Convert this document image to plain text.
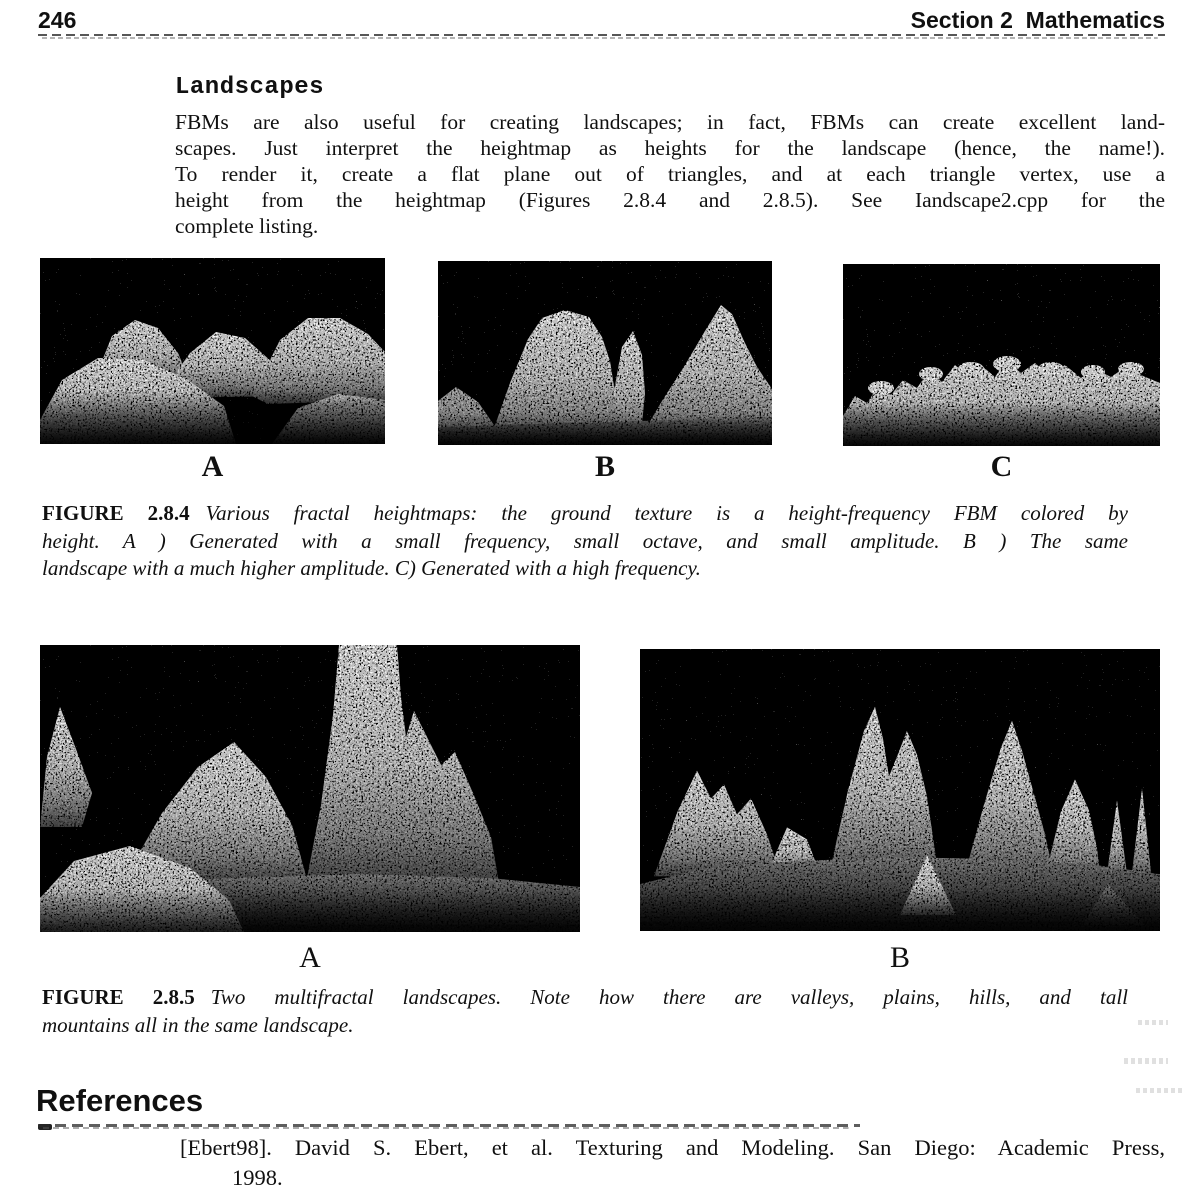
246	Section 2  Mathematics
Landscapes
FBMs are also useful for creating landscapes; in fact, FBMs can create excellent land-
scapes. Just interpret the heightmap as heights for the landscape (hence, the name!).
To render it, create a flat plane out of triangles, and at each triangle vertex, use a
height from the heightmap (Figures 2.8.4 and 2.8.5). See Iandscape2.cpp for the
complete listing.
A	B	C
FIGURE 2.8.4 Various fractal heightmaps: the ground texture is a height-frequency FBM colored by
height. A ) Generated with a small frequency, small octave, and small amplitude. B ) The same
landscape with a much higher amplitude. C) Generated with a high frequency.
A	B
FIGURE 2.8.5 Two multifractal landscapes. Note how there are valleys, plains, hills, and tall
mountains all in the same landscape.
References
[Ebert98]. David S. Ebert, et al. Texturing and Modeling. San Diego: Academic Press,
1998.
